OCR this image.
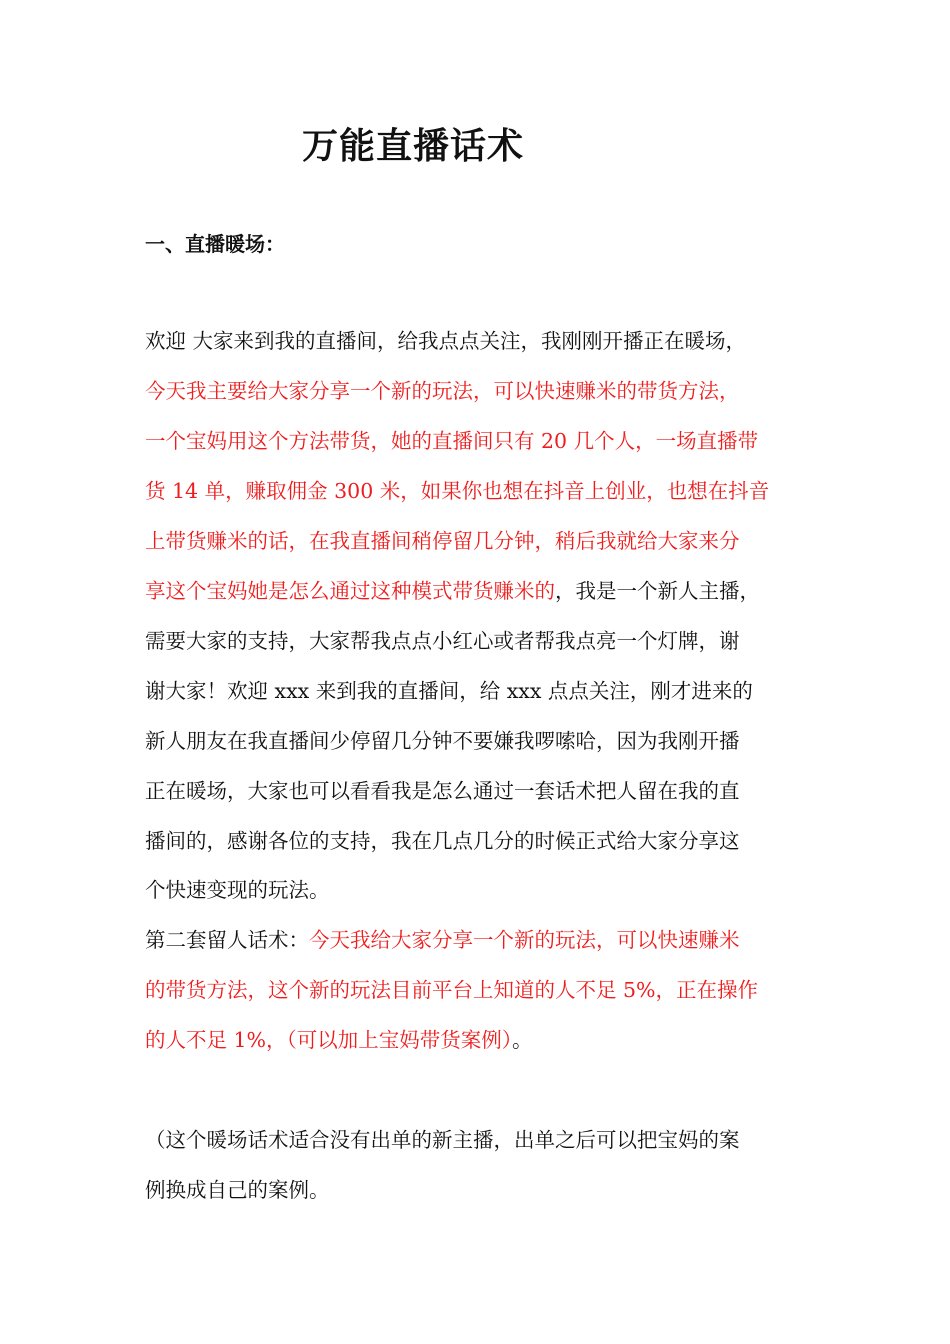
万能直播话术
一、直播暖场：
欢迎 大家来到我的直播间，给我点点关注，我刚刚开播正在暖场，
今天我主要给大家分享一个新的玩法，可以快速赚米的带货方法，
一个宝妈用这个方法带货，她的直播间只有 20 几个人，一场直播带
货 14 单，赚取佣金 300 米，如果你也想在抖音上创业，也想在抖音
上带货赚米的话，在我直播间稍停留几分钟，稍后我就给大家来分
享这个宝妈她是怎么通过这种模式带货赚米的，我是一个新人主播，
需要大家的支持，大家帮我点点小红心或者帮我点亮一个灯牌，谢
谢大家！欢迎 xxx 来到我的直播间，给 xxx 点点关注，刚才进来的
新人朋友在我直播间少停留几分钟不要嫌我啰嗦哈，因为我刚开播
正在暖场，大家也可以看看我是怎么通过一套话术把人留在我的直
播间的，感谢各位的支持，我在几点几分的时候正式给大家分享这
个快速变现的玩法。
第二套留人话术：今天我给大家分享一个新的玩法，可以快速赚米
的带货方法，这个新的玩法目前平台上知道的人不足 5%，正在操作
的人不足 1%，（可以加上宝妈带货案例）。
（这个暖场话术适合没有出单的新主播，出单之后可以把宝妈的案
例换成自己的案例。
